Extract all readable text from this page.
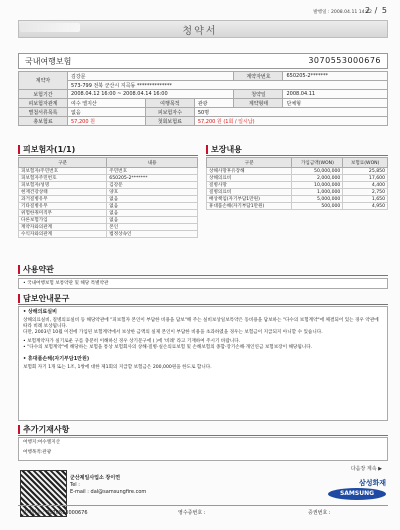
발행일 : 2008.04.11 14:22
2 / 5
청약서
국내여행보험	3070553000676
계약자	김강문			계약자번호	650205-2*******
	573-799 전북 군산시 지곡동 **************				
보험기간	2008.04.12 16:00 ~ 2008.04.14 16:00			청약일	2008.04.11
피보험자관계	여수 엘지산	여행목적	관광	계약형태	단체형
별첨서류목록	없음	피보험자수	50명		
총보험료	57,200 원	첫회보험료	57,200 원 (1회 / 일시납)		
피보험자(1/1)
구분	내용
피보험자/주민번호	주민번호
피보험자주민번호	650205-2*******
피보험자/성명	김강문
현재건강상태	양호
과거질병유무	없음
기타질병유무	없음
위험한취미직무	없음
다른보험가입	없음
계약자와의관계	본인
수익자와의관계	법정상속인
보장내용
구분	가입금액(WON)	보험료(WON)
상해사망후유장해	50,000,000	25,850
상해의료비	2,000,000	17,600
질병사망	10,000,000	4,400
질병의료비	1,000,000	2,750
배상책임(자기부담1만원)	5,000,000	1,650
휴대품손해(자기부담1만원)	500,000	4,950
사용약관
• 국내여행보험 보통약관 및 해당 특별약관
담보안내문구
• 상해의료실비
상해의료실비, 질병의료실비 등 해당약관에 "피보험자 본인이 부담한 비용을 담보"해 주는 실비보상일보특약은 동비용을 담보하는 "다수의 보험계약"에 체결되어 있는 경우 약관에 따라 비례 보상됩니다.
다만, 2003년 10월 이전에 가입된 보험계약에서 보상한 금액의 실제 본인이 부담한 비용을 초과하였을 경우는 보험금이 지급되지 아니할 수 있습니다.
• 보험계약자가 실기로운 구를 충분히 이해하신 경우 상기문구에 ( )에 '비례' 라고 기재하여 주시기 바랍니다.
• "다수의 보험계약"에 해당하는 보험을 통상 보험회사의 상해·질병·실손의료보험 및 손해보험의 종합·장기손해·개인연금 보험보장이 해당됩니다.
• 휴대품손해(자기부담1만원)
보험회 자기 1개 또는 1조, 1쌍에 대한 제1회의 지급할 보험금은 200,000원을 한도로 합니다.
추가기재사항
여행지:여수엘지산
여행목적:관광
다음장 계속 ▶
군산제일사업소 장이연
Tel :
E-mail : dal@samsungfire.com
삼성화재
SAMSUNG
설계번호 : 3070553000676	영수증번호 :	증권번호 :
